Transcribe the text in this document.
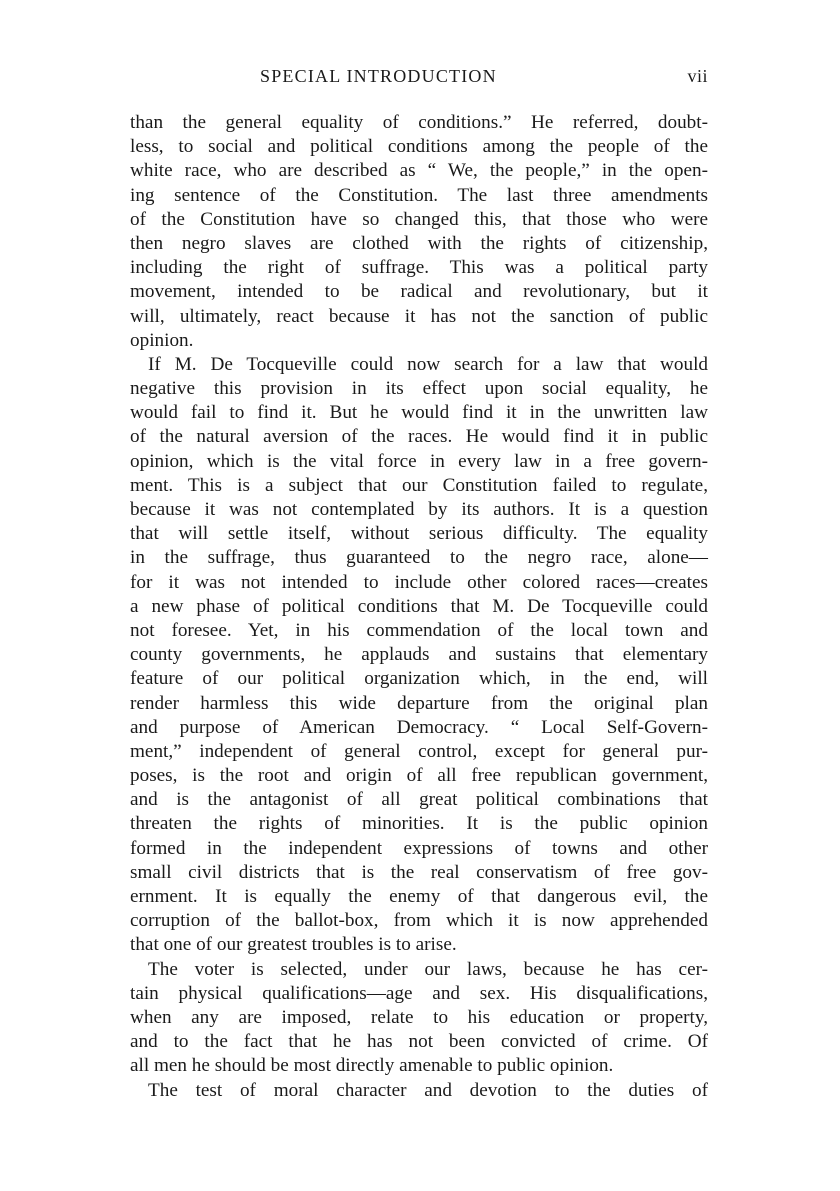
SPECIAL INTRODUCTION	vii
than the general equality of conditions.” He referred, doubt-
less, to social and political conditions among the people of the
white race, who are described as “ We, the people,” in the open-
ing sentence of the Constitution. The last three amendments
of the Constitution have so changed this, that those who were
then negro slaves are clothed with the rights of citizenship,
including the right of suffrage. This was a political party
movement, intended to be radical and revolutionary, but it
will, ultimately, react because it has not the sanction of public
opinion.
If M. De Tocqueville could now search for a law that would
negative this provision in its effect upon social equality, he
would fail to find it. But he would find it in the unwritten law
of the natural aversion of the races. He would find it in public
opinion, which is the vital force in every law in a free govern-
ment. This is a subject that our Constitution failed to regulate,
because it was not contemplated by its authors. It is a question
that will settle itself, without serious difficulty. The equality
in the suffrage, thus guaranteed to the negro race, alone—
for it was not intended to include other colored races—creates
a new phase of political conditions that M. De Tocqueville could
not foresee. Yet, in his commendation of the local town and
county governments, he applauds and sustains that elementary
feature of our political organization which, in the end, will
render harmless this wide departure from the original plan
and purpose of American Democracy. “ Local Self-Govern-
ment,” independent of general control, except for general pur-
poses, is the root and origin of all free republican government,
and is the antagonist of all great political combinations that
threaten the rights of minorities. It is the public opinion
formed in the independent expressions of towns and other
small civil districts that is the real conservatism of free gov-
ernment. It is equally the enemy of that dangerous evil, the
corruption of the ballot-box, from which it is now apprehended
that one of our greatest troubles is to arise.
The voter is selected, under our laws, because he has cer-
tain physical qualifications—age and sex. His disqualifications,
when any are imposed, relate to his education or property,
and to the fact that he has not been convicted of crime. Of
all men he should be most directly amenable to public opinion.
The test of moral character and devotion to the duties of
